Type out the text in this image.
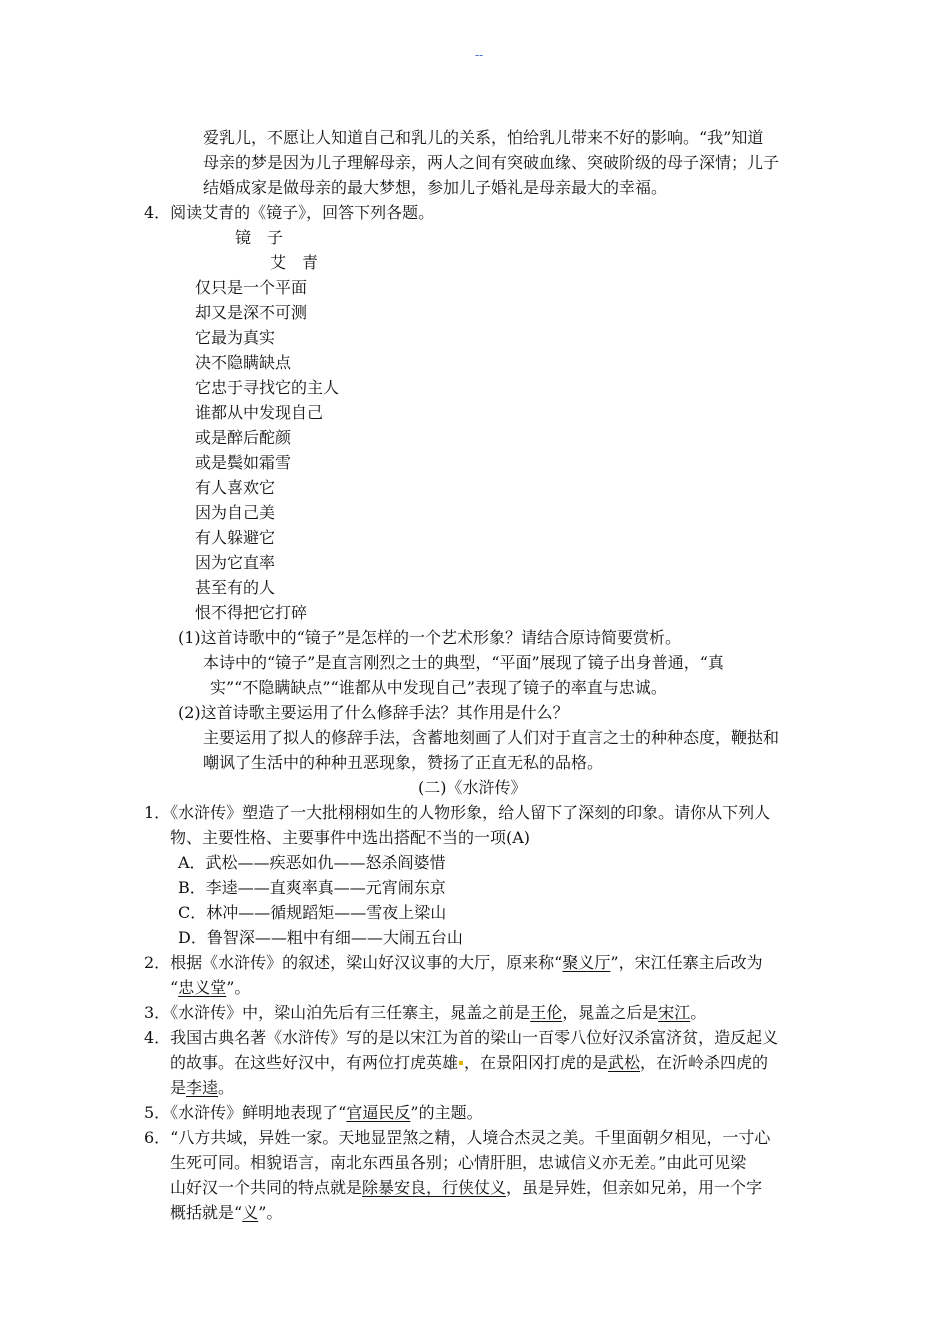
--
爱乳儿，不愿让人知道自己和乳儿的关系，怕给乳儿带来不好的影响。“我”知道
母亲的梦是因为儿子理解母亲，两人之间有突破血缘、突破阶级的母子深情；儿子
结婚成家是做母亲的最大梦想，参加儿子婚礼是母亲最大的幸福。
4．阅读艾青的《镜子》，回答下列各题。
镜　子
艾　青
仅只是一个平面
却又是深不可测
它最为真实
决不隐瞒缺点
它忠于寻找它的主人
谁都从中发现自己
或是醉后酡颜
或是鬓如霜雪
有人喜欢它
因为自己美
有人躲避它
因为它直率
甚至有的人
恨不得把它打碎
(1)这首诗歌中的“镜子”是怎样的一个艺术形象？请结合原诗简要赏析。
本诗中的“镜子”是直言刚烈之士的典型，“平面”展现了镜子出身普通，“真
实”“不隐瞒缺点”“谁都从中发现自己”表现了镜子的率直与忠诚。
(2)这首诗歌主要运用了什么修辞手法？其作用是什么？
主要运用了拟人的修辞手法，含蓄地刻画了人们对于直言之士的种种态度，鞭挞和
嘲讽了生活中的种种丑恶现象，赞扬了正直无私的品格。
(二)《水浒传》
1．《水浒传》塑造了一大批栩栩如生的人物形象，给人留下了深刻的印象。请你从下列人
物、主要性格、主要事件中选出搭配不当的一项(A)
A．武松——疾恶如仇——怒杀阎婆惜
B．李逵——直爽率真——元宵闹东京
C．林冲——循规蹈矩——雪夜上梁山
D．鲁智深——粗中有细——大闹五台山
2．根据《水浒传》的叙述，梁山好汉议事的大厅，原来称“聚义厅”，宋江任寨主后改为
“忠义堂”。
3．《水浒传》中，梁山泊先后有三任寨主，晁盖之前是王伦，晁盖之后是宋江。
4．我国古典名著《水浒传》写的是以宋江为首的梁山一百零八位好汉杀富济贫，造反起义
的故事。在这些好汉中，有两位打虎英雄 ，在景阳冈打虎的是武松，在沂岭杀四虎的
是李逵。
5．《水浒传》鲜明地表现了“官逼民反”的主题。
6．“八方共域，异姓一家。天地显罡煞之精，人境合杰灵之美。千里面朝夕相见，一寸心
生死可同。相貌语言，南北东西虽各别；心情肝胆，忠诚信义亦无差。”由此可见梁
山好汉一个共同的特点就是除暴安良，行侠仗义，虽是异姓，但亲如兄弟，用一个字
概括就是“义”。
